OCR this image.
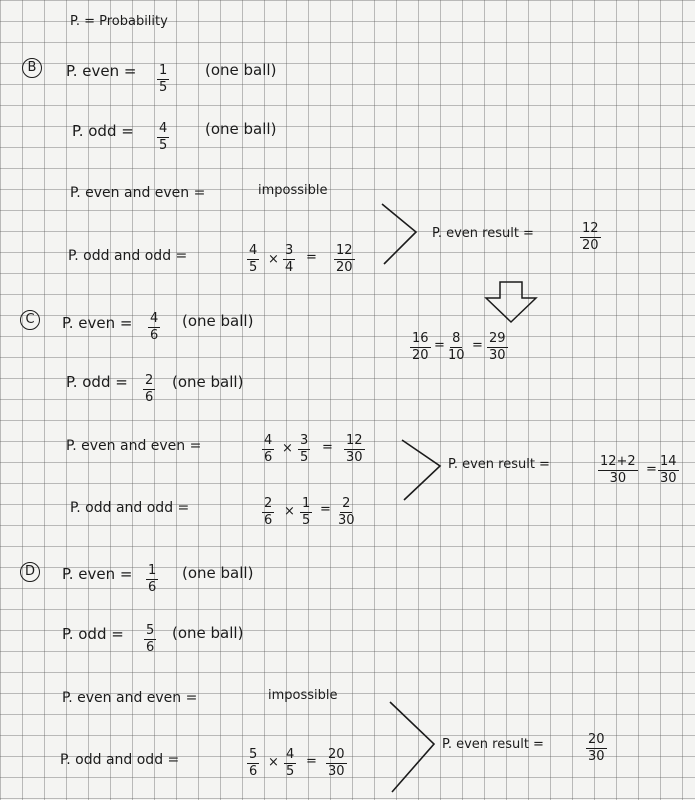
P. = Probability
B	P. even = $\frac{1}{5} (one$ ball)
P. odd = $\frac{4}{5} (one$ ball)
P. even and even =	impossible
P. odd and odd =	$\frac{4}{5} \times \frac{3}{4} = \frac{12}{20}$
P. even result =	$\frac{12}{20}$
$\frac{16}{20} = \frac{8}{10} = \frac{29}{30}$
C	P. even = $\frac{4}{6} (one$ ball)
P. odd = $\frac{2}{6} (one$ ball)
P. even and even =	$\frac{4}{6} \times \frac{3}{5} = \frac{12}{30}$
P. odd and odd =	$\frac{2}{6} \times \frac{1}{5} = \frac{2}{30}$
P. even result =	$\frac{12+2}{30} = \frac{14}{30}$
D	P. even = $\frac{1}{6} (one$ ball)
P. odd = $\frac{5}{6} (one$ ball)
P. even and even =	impossible
P. odd and odd =	$\frac{5}{6} \times \frac{4}{5} = \frac{20}{30}$
P. even result =	$\frac{20}{30}$
